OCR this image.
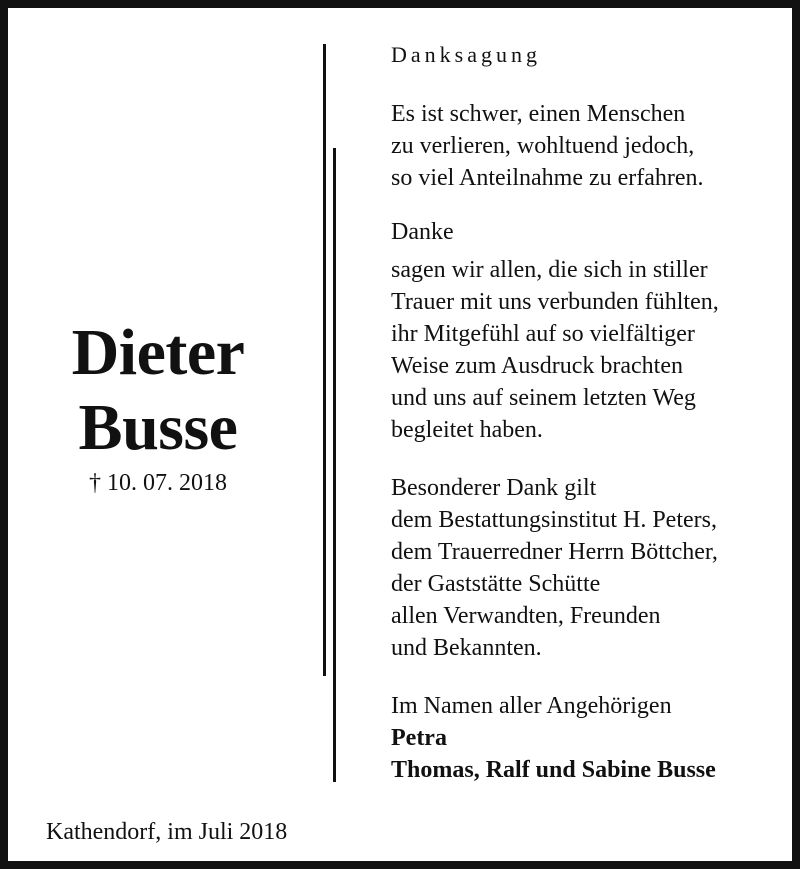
Dieter
Busse
† 10. 07. 2018
Kathendorf, im Juli 2018
Danksagung
Es ist schwer, einen Menschen
zu verlieren, wohltuend jedoch,
so viel Anteilnahme zu erfahren.
Danke
sagen wir allen, die sich in stiller
Trauer mit uns verbunden fühlten,
ihr Mitgefühl auf so vielfältiger
Weise zum Ausdruck brachten
und uns auf seinem letzten Weg
begleitet haben.
Besonderer Dank gilt
dem Bestattungsinstitut H. Peters,
dem Trauerredner Herrn Böttcher,
der Gaststätte Schütte
allen Verwandten, Freunden
und Bekannten.
Im Namen aller Angehörigen
Petra
Thomas, Ralf und Sabine Busse
